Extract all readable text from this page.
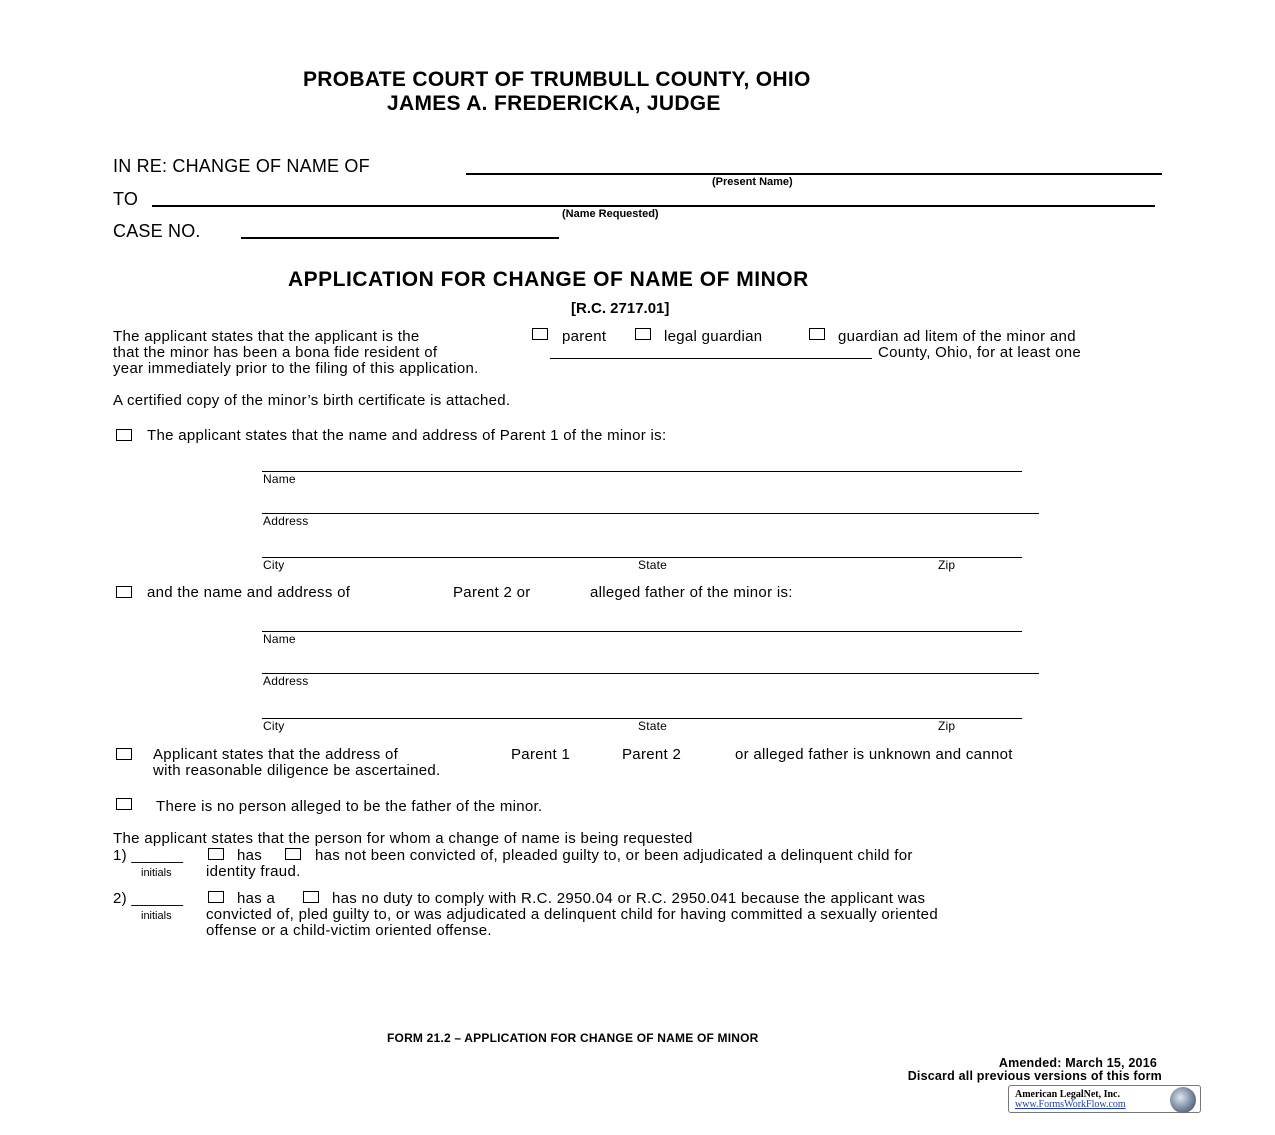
PROBATE COURT OF TRUMBULL COUNTY, OHIO
JAMES A. FREDERICKA, JUDGE
IN RE: CHANGE OF NAME OF
(Present Name)
TO
(Name Requested)
CASE NO.
APPLICATION FOR CHANGE OF NAME OF MINOR
[R.C. 2717.01]
The applicant states that the applicant is the	parent	legal guardian	guardian ad litem of the minor and
that the minor has been a bona fide resident of	County, Ohio, for at least one
year immediately prior to the filing of this application.
A certified copy of the minor’s birth certificate is attached.
The applicant states that the name and address of Parent 1 of the minor is:
Name
Address
City	State	Zip
and the name and address of	Parent 2 or	alleged father of the minor is:
Name
Address
City	State	Zip
Applicant states that the address of	Parent 1	Parent 2	or alleged father is unknown and cannot
with reasonable diligence be ascertained.
There is no person alleged to be the father of the minor.
The applicant states that the person for whom a change of name is being requested
1) ______
initials
has	has not been convicted of, pleaded guilty to, or been adjudicated a delinquent child for
identity fraud.
2) ______
initials
has a	has no duty to comply with R.C. 2950.04 or R.C. 2950.041 because the applicant was
convicted of, pled guilty to, or was adjudicated a delinquent child for having committed a sexually oriented
offense or a child-victim oriented offense.
FORM 21.2 – APPLICATION FOR CHANGE OF NAME OF MINOR
Amended: March 15, 2016
Discard all previous versions of this form
American LegalNet, Inc.
www.FormsWorkFlow.com
